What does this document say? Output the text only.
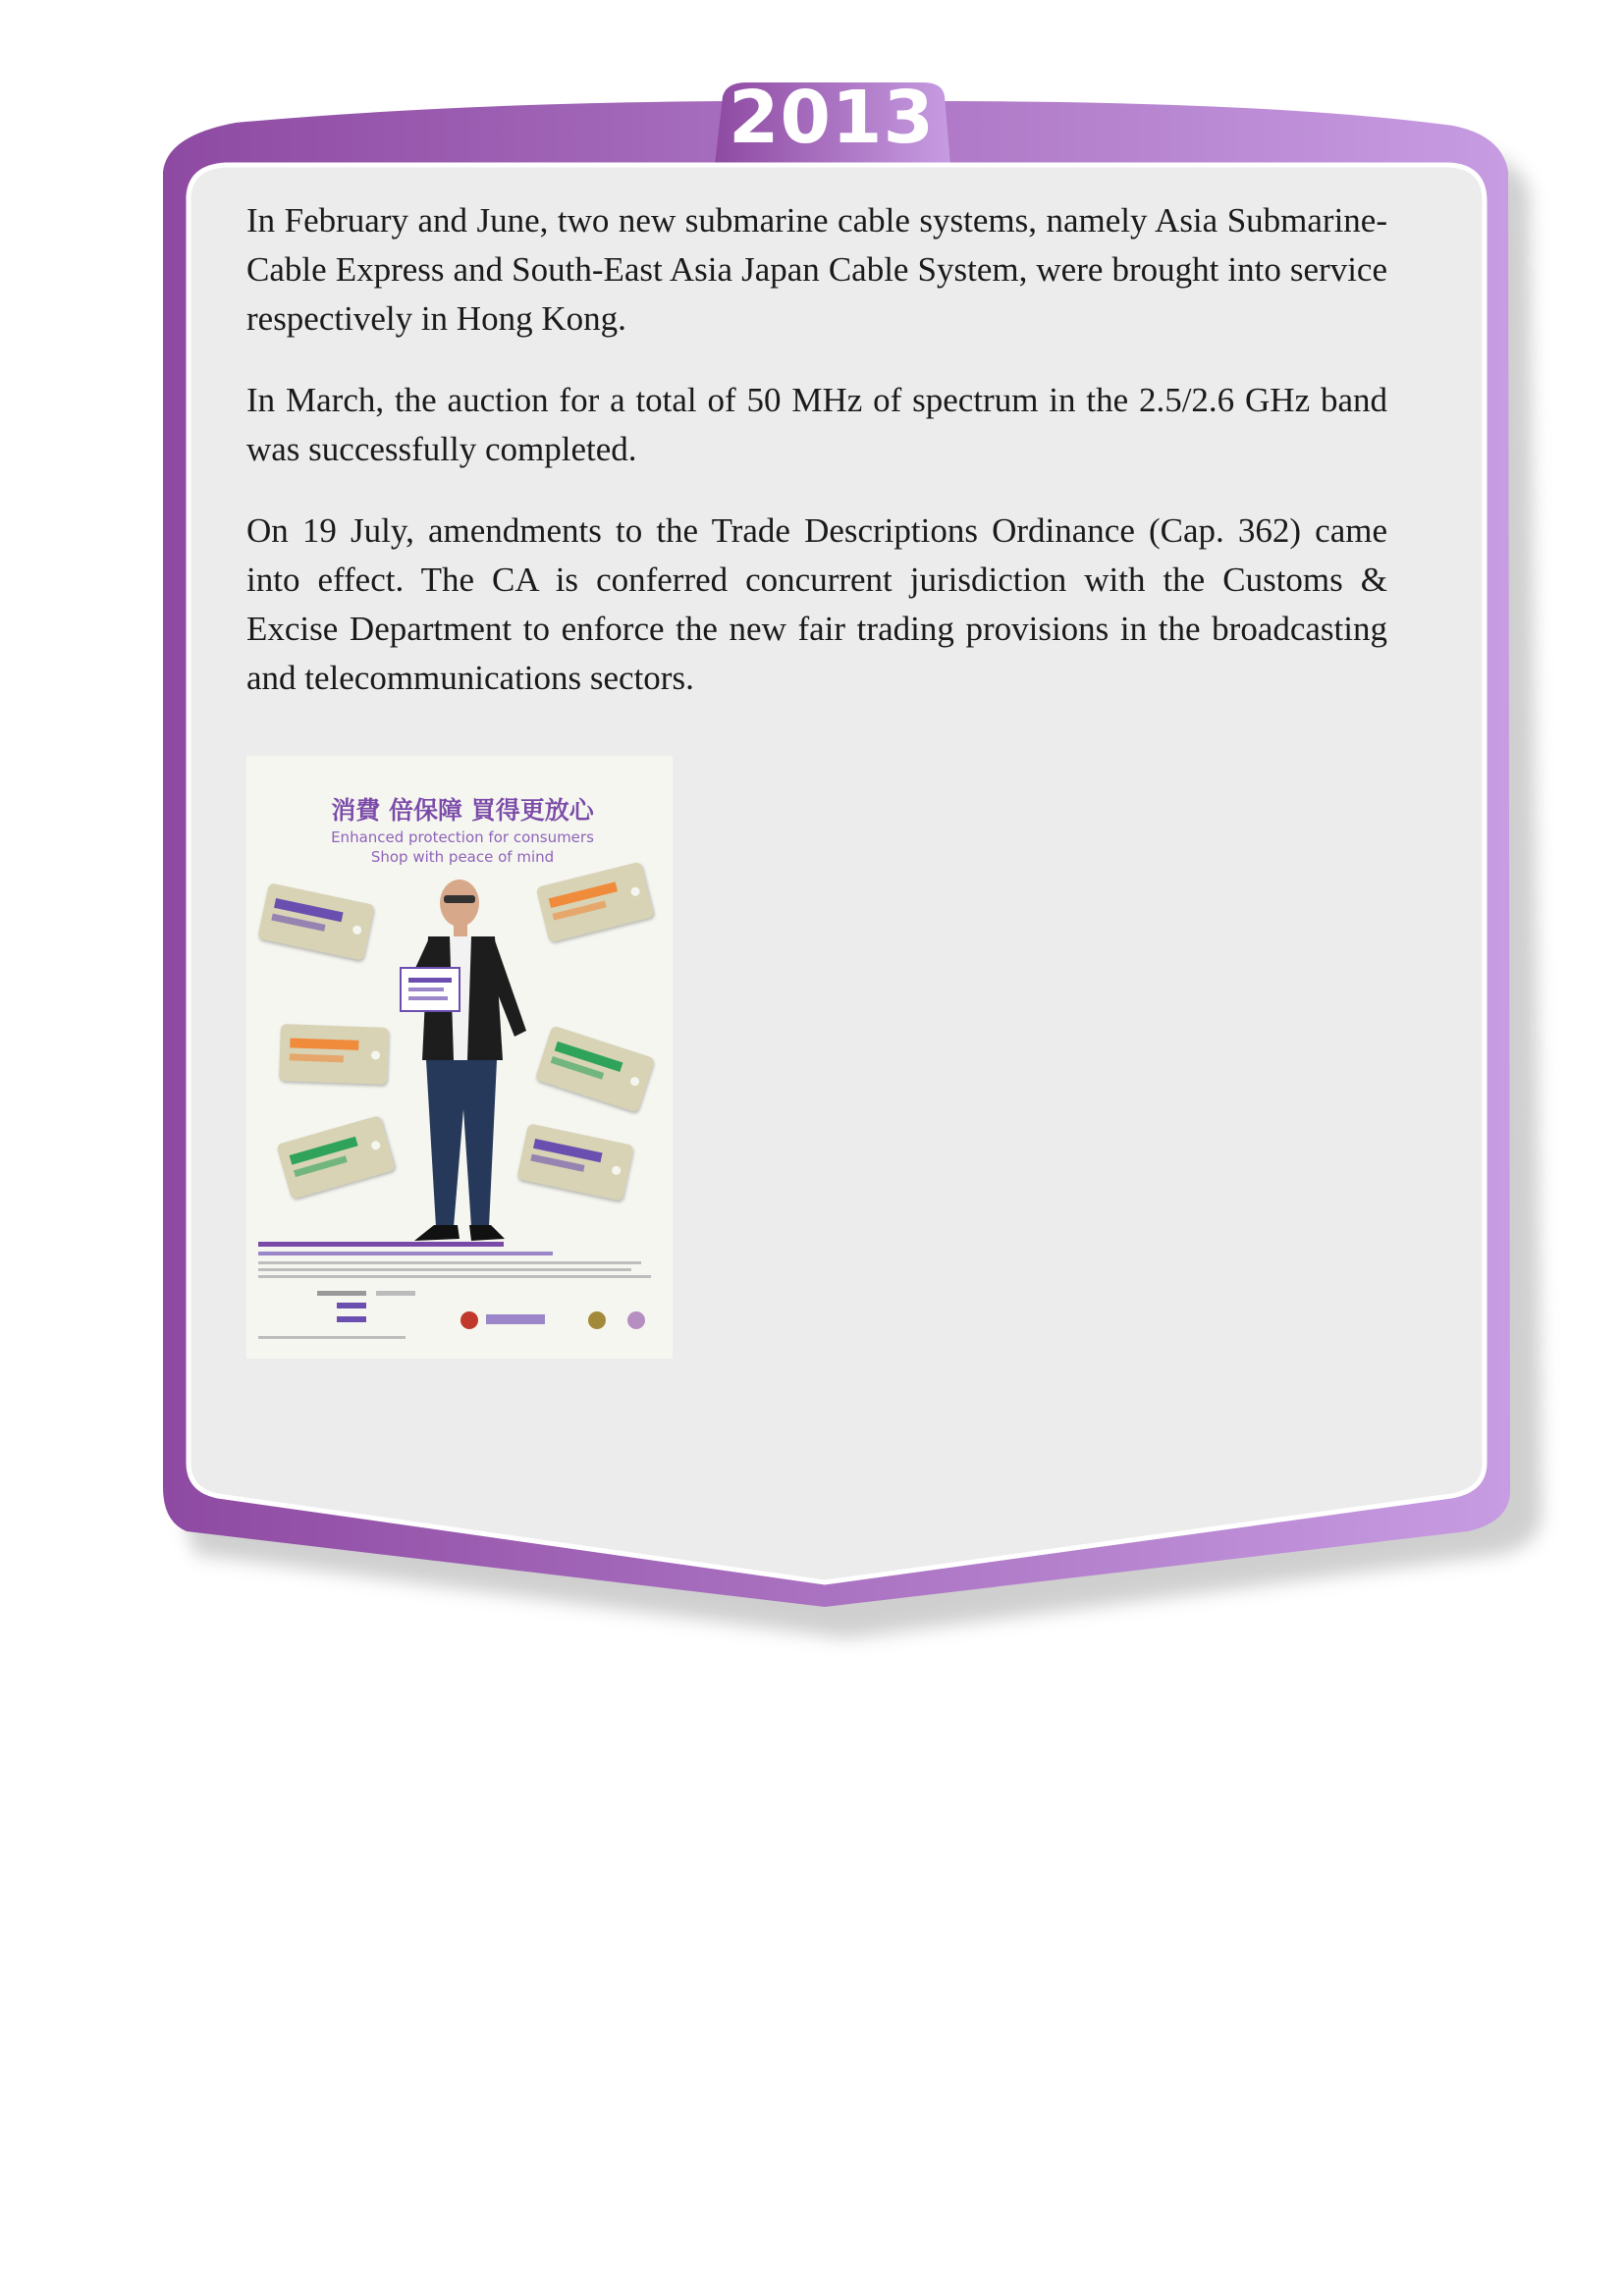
2013

In February and June, two new submarine cable systems, namely Asia Submarine-Cable Express and South-East Asia Japan Cable System, were brought into service respectively in Hong Kong.

In March, the auction for a total of 50 MHz of spectrum in the 2.5/2.6 GHz band was successfully completed.

On 19 July, amendments to the Trade Descriptions Ordinance (Cap. 362) came into effect. The CA is conferred concurrent jurisdiction with the Customs & Excise Department to enforce the new fair trading provisions in the broadcasting and telecommunications sectors.

消費 倍保障 買得更放心
Enhanced protection for consumers
Shop with peace of mind
